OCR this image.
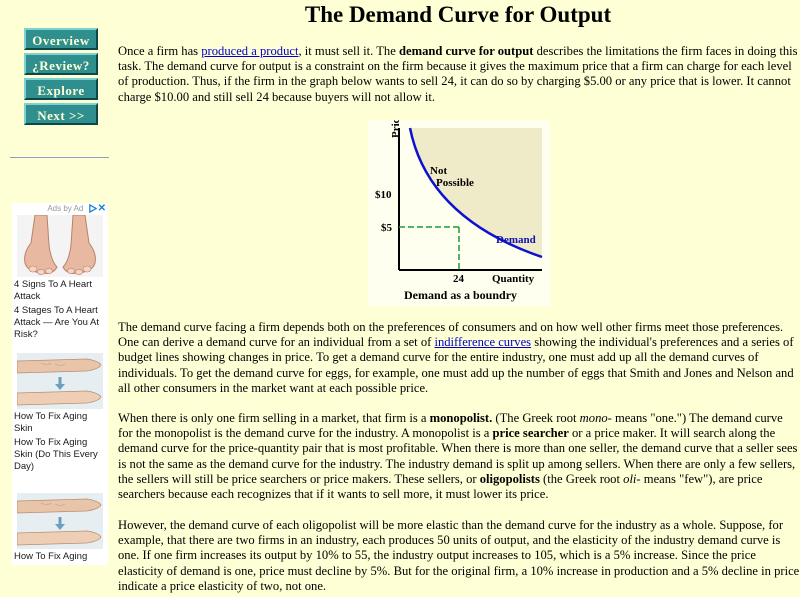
The Demand Curve for Output
Overview
¿Review?
Explore
Next >>
Ads by Ad ✕
4 Signs To A Heart Attack
4 Stages To A Heart Attack — Are You At Risk?
How To Fix Aging Skin
How To Fix Aging Skin (Do This Every Day)
How To Fix Aging

Once a firm has produced a product, it must sell it. The demand curve for output describes the limitations the firm faces in doing this task. The demand curve for output is a constraint on the firm because it gives the maximum price that a firm can charge for each level of production. Thus, if the firm in the graph below wants to sell 24, it can do so by charging $5.00 or any price that is lower. It cannot charge $10.00 and still sell 24 because buyers will not allow it.

Price
Not
Possible
$10
$5
Demand
24	Quantity
Demand as a boundry

The demand curve facing a firm depends both on the preferences of consumers and on how well other firms meet those preferences. One can derive a demand curve for an individual from a set of indifference curves showing the individual's preferences and a series of budget lines showing changes in price. To get a demand curve for the entire industry, one must add up all the demand curves of individuals. To get the demand curve for eggs, for example, one must add up the number of eggs that Smith and Jones and Nelson and all other consumers in the market want at each possible price.

When there is only one firm selling in a market, that firm is a monopolist. (The Greek root mono- means "one.") The demand curve for the monopolist is the demand curve for the industry. A monopolist is a price searcher or a price maker. It will search along the demand curve for the price-quantity pair that is most profitable. When there is more than one seller, the demand curve that a seller sees is not the same as the demand curve for the industry. The industry demand is split up among sellers. When there are only a few sellers, the sellers will still be price searchers or price makers. These sellers, or oligopolists (the Greek root oli- means "few"), are price searchers because each recognizes that if it wants to sell more, it must lower its price.

However, the demand curve of each oligopolist will be more elastic than the demand curve for the industry as a whole. Suppose, for example, that there are two firms in an industry, each produces 50 units of output, and the elasticity of the industry demand curve is one. If one firm increases its output by 10% to 55, the industry output increases to 105, which is a 5% increase. Since the price elasticity of demand is one, price must decline by 5%. But for the original firm, a 10% increase in production and a 5% decline in price indicate a price elasticity of two, not one.
